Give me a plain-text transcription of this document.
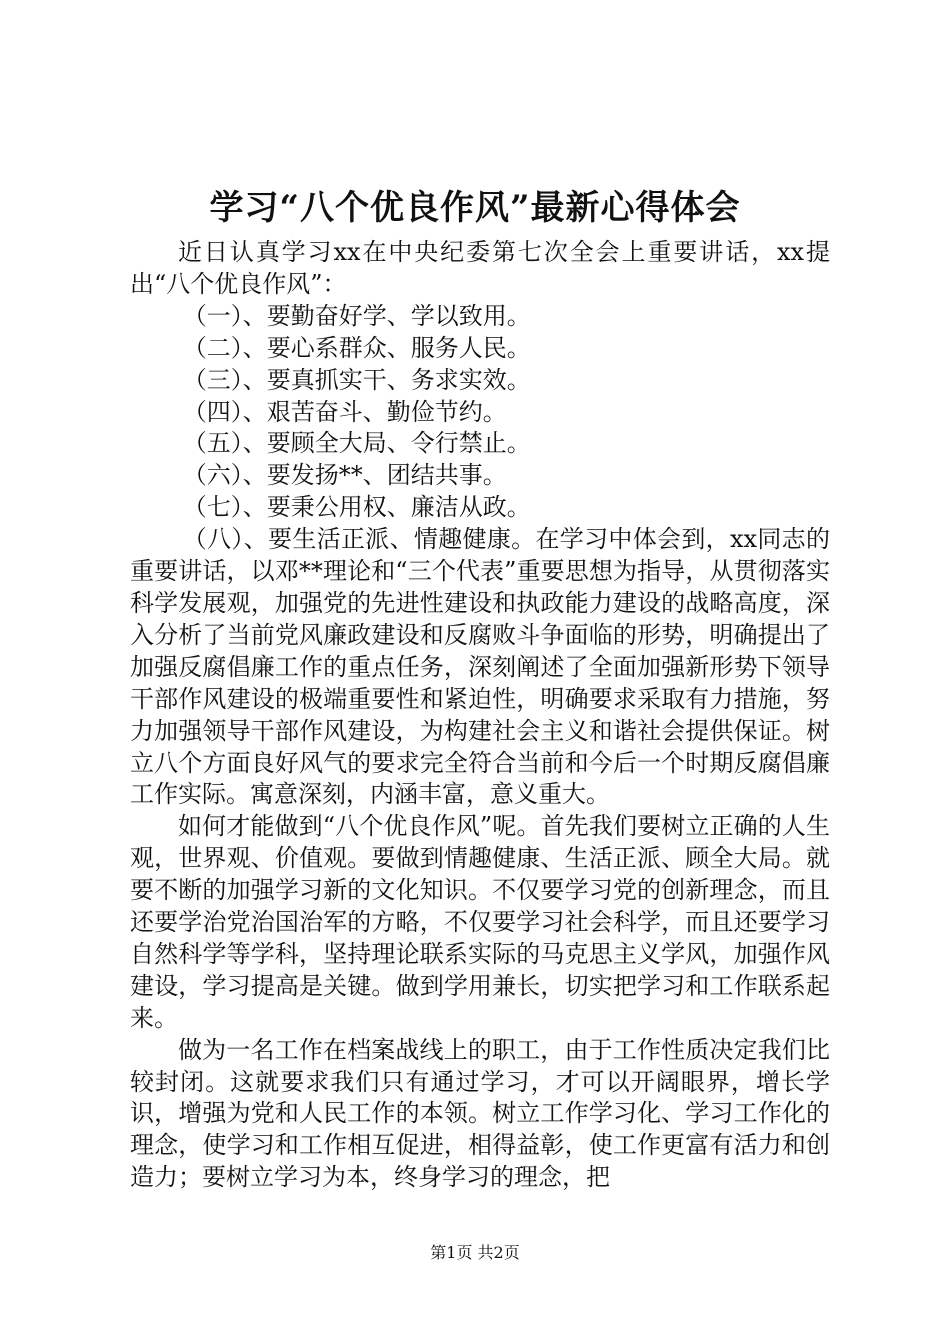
学习“八个优良作风”最新心得体会

近日认真学习xx在中央纪委第七次全会上重要讲话，xx提出“八个优良作风”：

（一）、要勤奋好学、学以致用。

（二）、要心系群众、服务人民。

（三）、要真抓实干、务求实效。

（四）、艰苦奋斗、勤俭节约。

（五）、要顾全大局、令行禁止。

（六）、要发扬**、团结共事。

（七）、要秉公用权、廉洁从政。

（八）、要生活正派、情趣健康。在学习中体会到，xx同志的重要讲话，以邓**理论和“三个代表”重要思想为指导，从贯彻落实科学发展观，加强党的先进性建设和执政能力建设的战略高度，深入分析了当前党风廉政建设和反腐败斗争面临的形势，明确提出了加强反腐倡廉工作的重点任务，深刻阐述了全面加强新形势下领导干部作风建设的极端重要性和紧迫性，明确要求采取有力措施，努力加强领导干部作风建设，为构建社会主义和谐社会提供保证。树立八个方面良好风气的要求完全符合当前和今后一个时期反腐倡廉工作实际。寓意深刻，内涵丰富，意义重大。

如何才能做到“八个优良作风”呢。首先我们要树立正确的人生观，世界观、价值观。要做到情趣健康、生活正派、顾全大局。就要不断的加强学习新的文化知识。不仅要学习党的创新理念，而且还要学治党治国治军的方略，不仅要学习社会科学，而且还要学习自然科学等学科，坚持理论联系实际的马克思主义学风，加强作风建设，学习提高是关键。做到学用兼长，切实把学习和工作联系起来。

做为一名工作在档案战线上的职工，由于工作性质决定我们比较封闭。这就要求我们只有通过学习，才可以开阔眼界，增长学识，增强为党和人民工作的本领。树立工作学习化、学习工作化的理念，使学习和工作相互促进，相得益彰，使工作更富有活力和创造力；要树立学习为本，终身学习的理念，把

第1页 共2页
